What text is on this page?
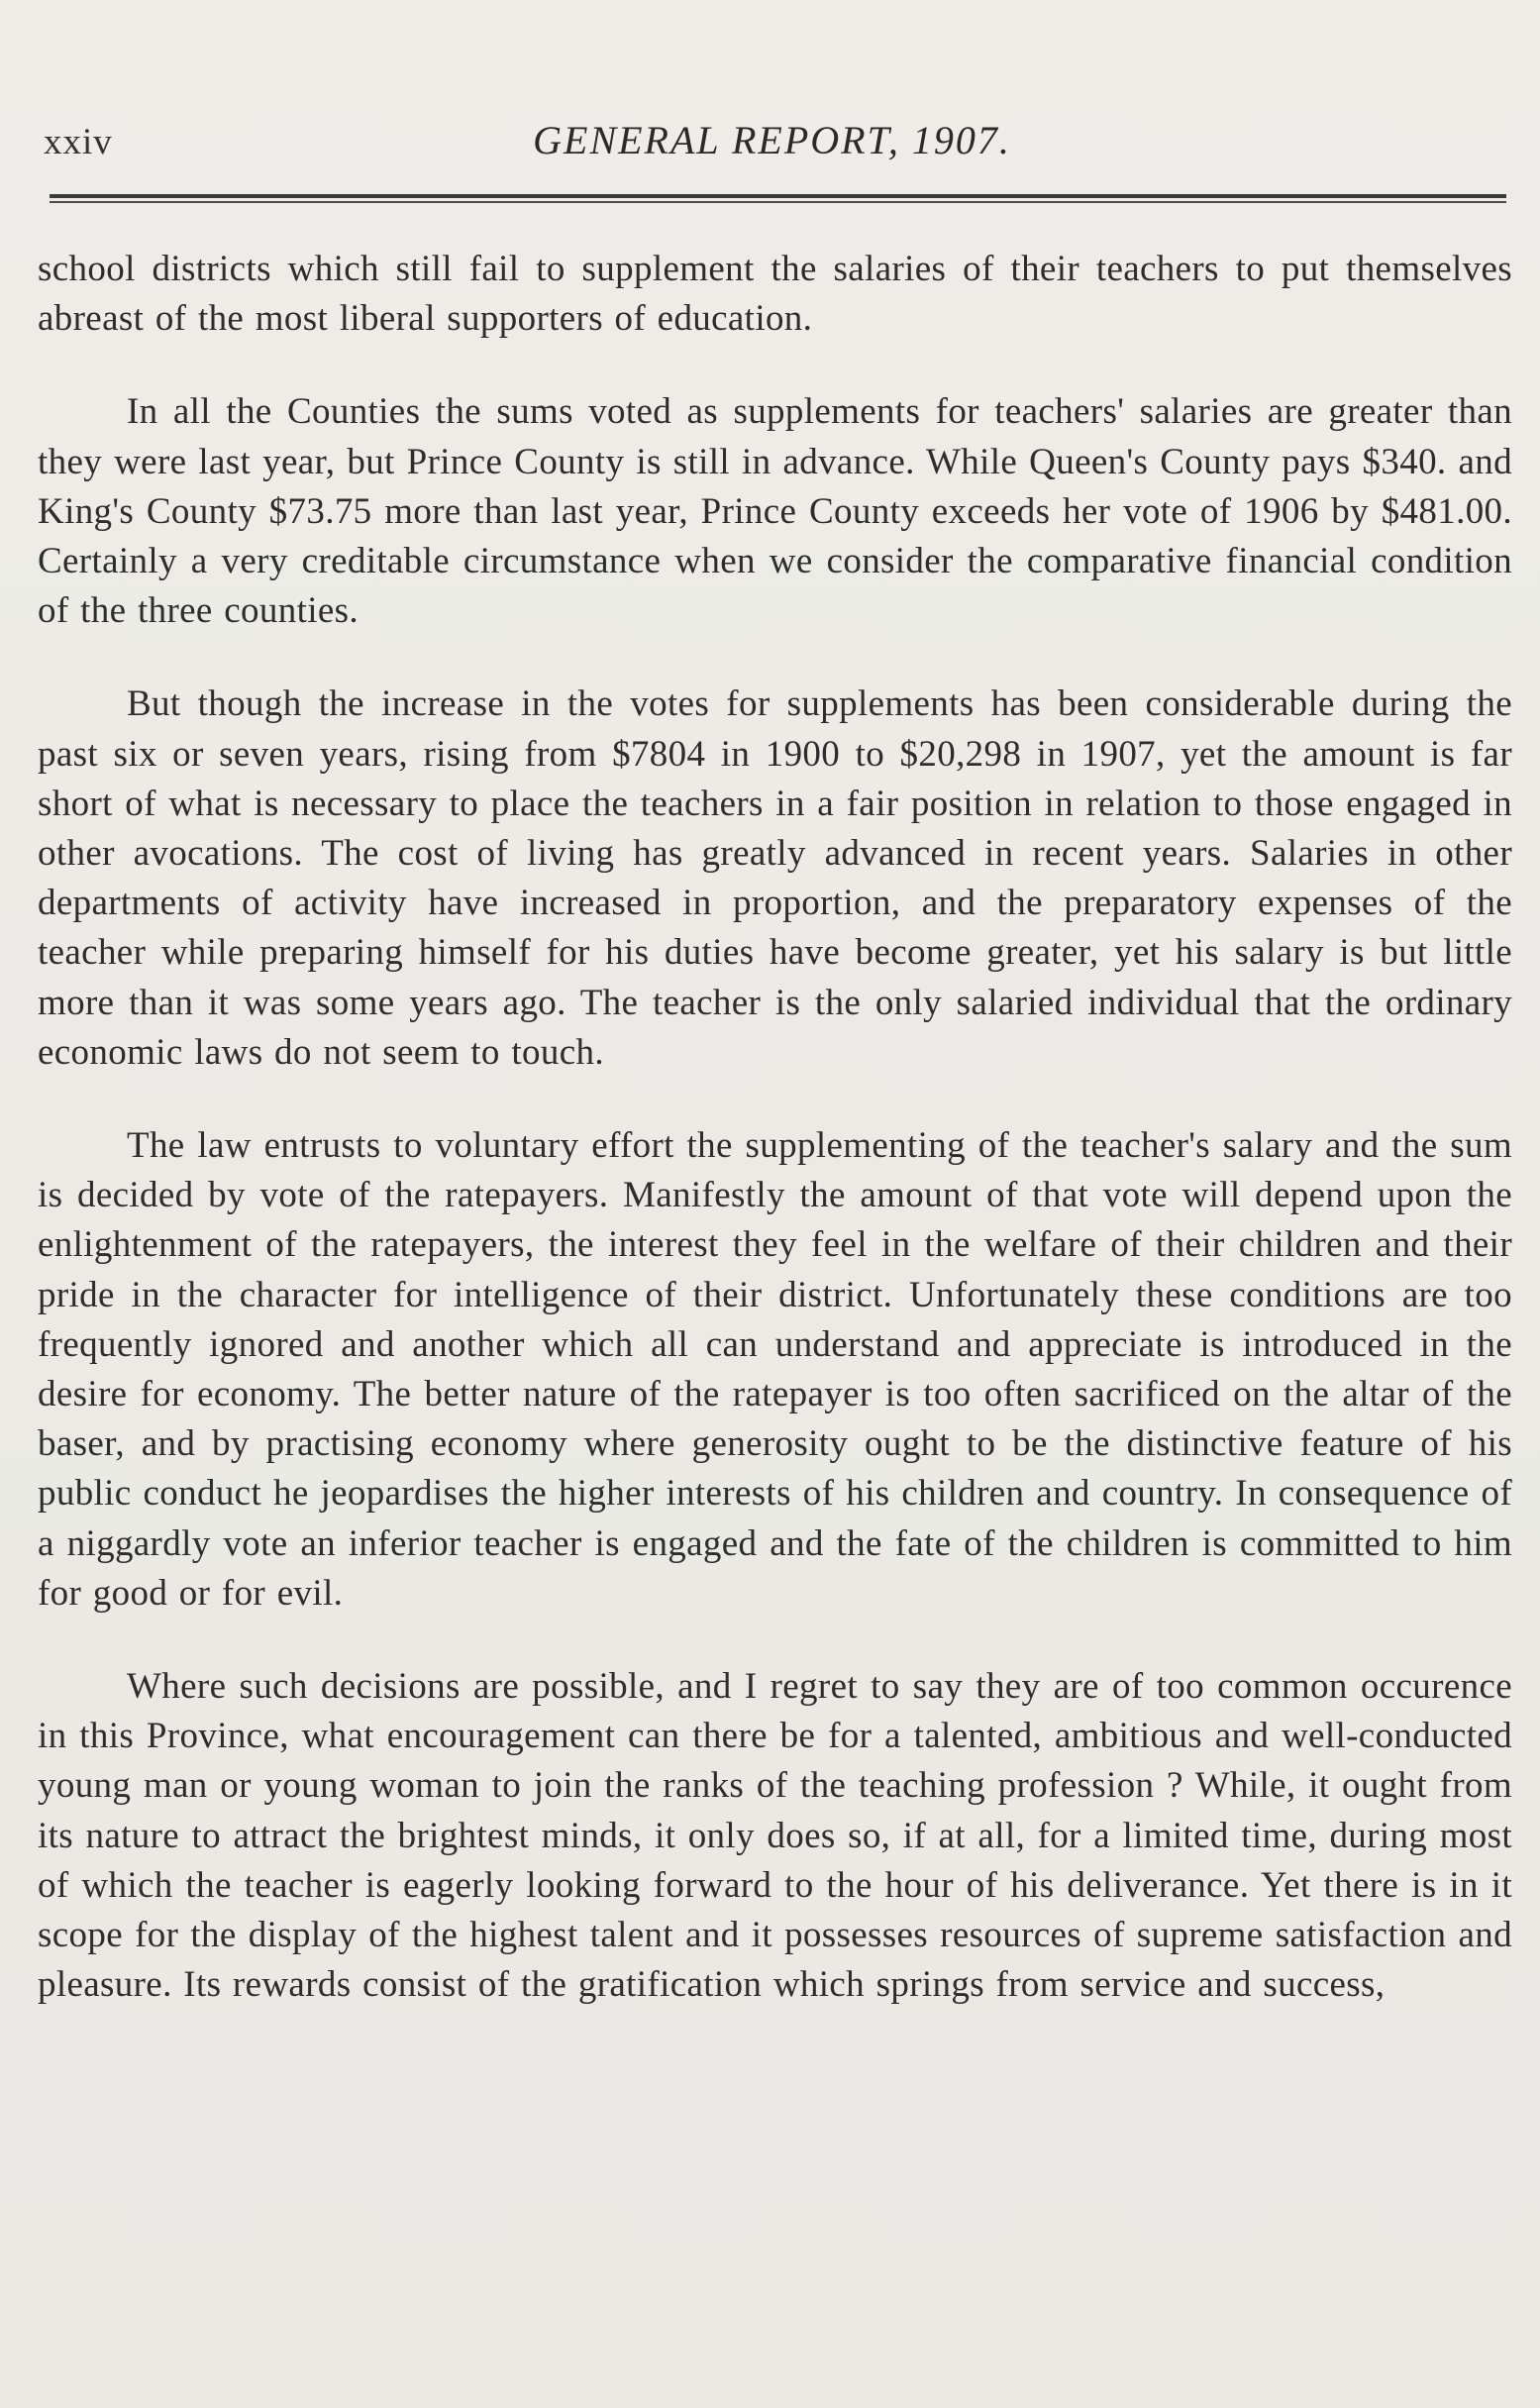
xxiv	GENERAL REPORT, 1907.

school districts which still fail to supplement the salaries of their teachers to put themselves abreast of the most liberal supporters of education.

In all the Counties the sums voted as supplements for teachers' salaries are greater than they were last year, but Prince County is still in advance. While Queen's County pays $340. and King's County $73.75 more than last year, Prince County exceeds her vote of 1906 by $481.00. Certainly a very creditable circumstance when we consider the comparative financial condition of the three counties.

But though the increase in the votes for supplements has been considerable during the past six or seven years, rising from $7804 in 1900 to $20,298 in 1907, yet the amount is far short of what is necessary to place the teachers in a fair position in relation to those engaged in other avocations. The cost of living has greatly advanced in recent years. Salaries in other departments of activity have increased in proportion, and the preparatory expenses of the teacher while preparing himself for his duties have become greater, yet his salary is but little more than it was some years ago. The teacher is the only salaried individual that the ordinary economic laws do not seem to touch.

The law entrusts to voluntary effort the supplementing of the teacher's salary and the sum is decided by vote of the ratepayers. Manifestly the amount of that vote will depend upon the enlightenment of the ratepayers, the interest they feel in the welfare of their children and their pride in the character for intelligence of their district. Unfortunately these conditions are too frequently ignored and another which all can understand and appreciate is introduced in the desire for economy. The better nature of the ratepayer is too often sacrificed on the altar of the baser, and by practising economy where generosity ought to be the distinctive feature of his public conduct he jeopardises the higher interests of his children and country. In consequence of a niggardly vote an inferior teacher is engaged and the fate of the children is committed to him for good or for evil.

Where such decisions are possible, and I regret to say they are of too common occurence in this Province, what encouragement can there be for a talented, ambitious and well-conducted young man or young woman to join the ranks of the teaching profession ? While, it ought from its nature to attract the brightest minds, it only does so, if at all, for a limited time, during most of which the teacher is eagerly looking forward to the hour of his deliverance. Yet there is in it scope for the display of the highest talent and it possesses resources of supreme satisfaction and pleasure. Its rewards consist of the gratification which springs from service and success,
